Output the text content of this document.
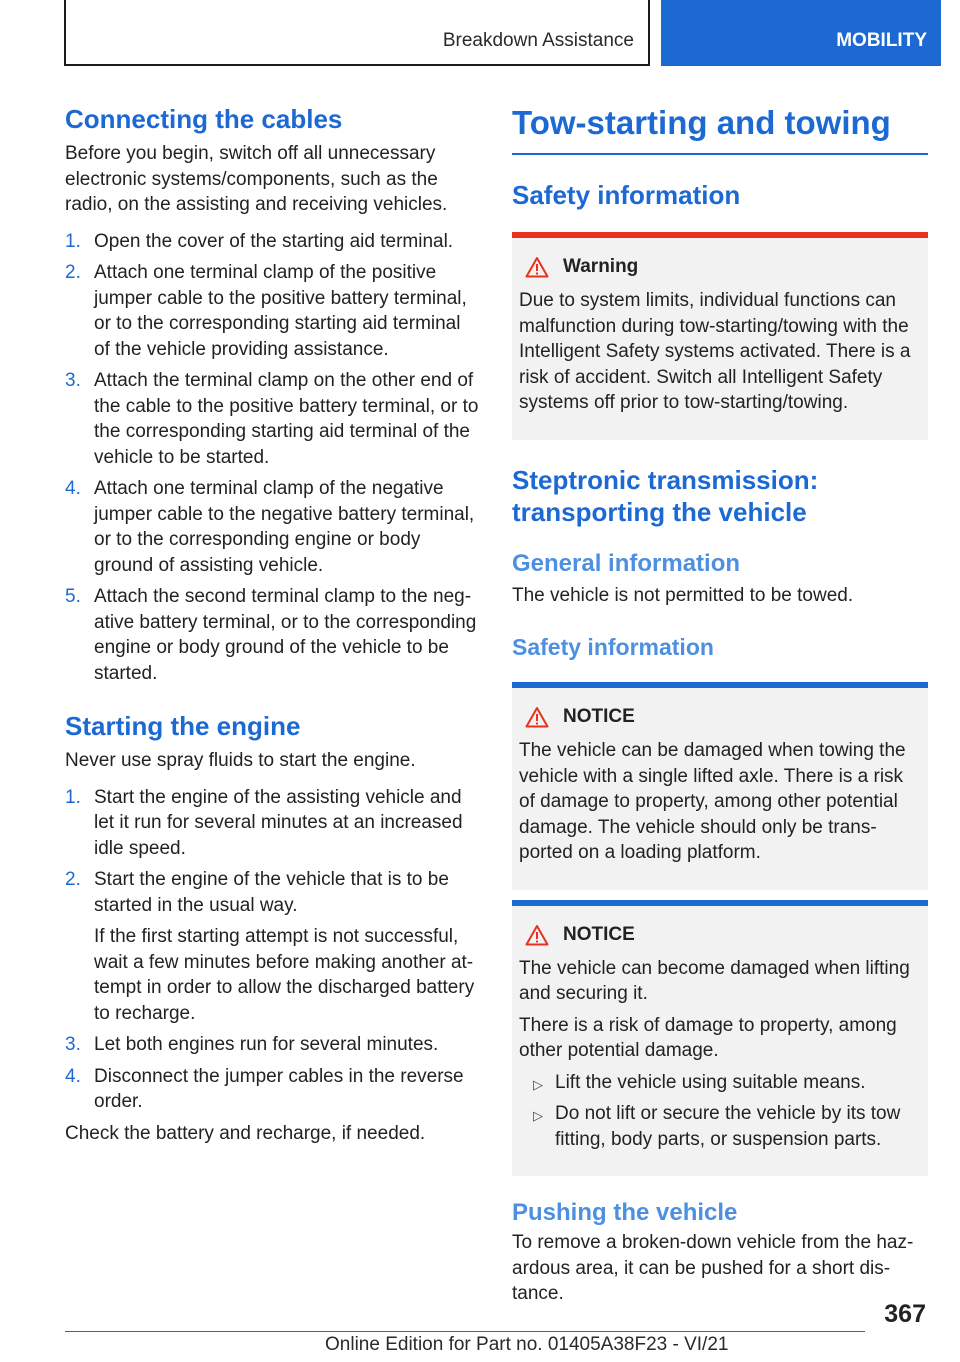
Breakdown Assistance	MOBILITY
Connecting the cables

Before you begin, switch off all unnecessary electronic systems/components, such as the radio, on the assisting and receiving vehicles.

1. Open the cover of the starting aid terminal.
2. Attach one terminal clamp of the positive jumper cable to the positive battery terminal, or to the corresponding starting aid terminal of the vehicle providing assistance.
3. Attach the terminal clamp on the other end of the cable to the positive battery terminal, or to the corresponding starting aid terminal of the vehicle to be started.
4. Attach one terminal clamp of the negative jumper cable to the negative battery terminal, or to the corresponding engine or body ground of assisting vehicle.
5. Attach the second terminal clamp to the neg‐ative battery terminal, or to the corresponding engine or body ground of the vehicle to be started.
Starting the engine

Never use spray fluids to start the engine.

1. Start the engine of the assisting vehicle and let it run for several minutes at an increased idle speed.
2. Start the engine of the vehicle that is to be started in the usual way.
If the first starting attempt is not successful, wait a few minutes before making another at‐tempt in order to allow the discharged battery to recharge.
3. Let both engines run for several minutes.
4. Disconnect the jumper cables in the reverse order.

Check the battery and recharge, if needed.

Tow-starting and towing
Safety information
Warning

Due to system limits, individual functions can malfunction during tow-starting/towing with the Intelligent Safety systems activated. There is a risk of accident. Switch all Intelligent Safety systems off prior to tow-starting/towing.

Steptronic transmission: transporting the vehicle
General information

The vehicle is not permitted to be towed.

Safety information
NOTICE

The vehicle can be damaged when towing the vehicle with a single lifted axle. There is a risk of damage to property, among other potential damage. The vehicle should only be trans‐ported on a loading platform.

NOTICE

The vehicle can become damaged when lifting and securing it.

There is a risk of damage to property, among other potential damage.

▷ Lift the vehicle using suitable means.
▷ Do not lift or secure the vehicle by its tow fitting, body parts, or suspension parts.
Pushing the vehicle

To remove a broken-down vehicle from the haz‐ardous area, it can be pushed for a short dis‐tance.

367
Online Edition for Part no. 01405A38F23 - VI/21
